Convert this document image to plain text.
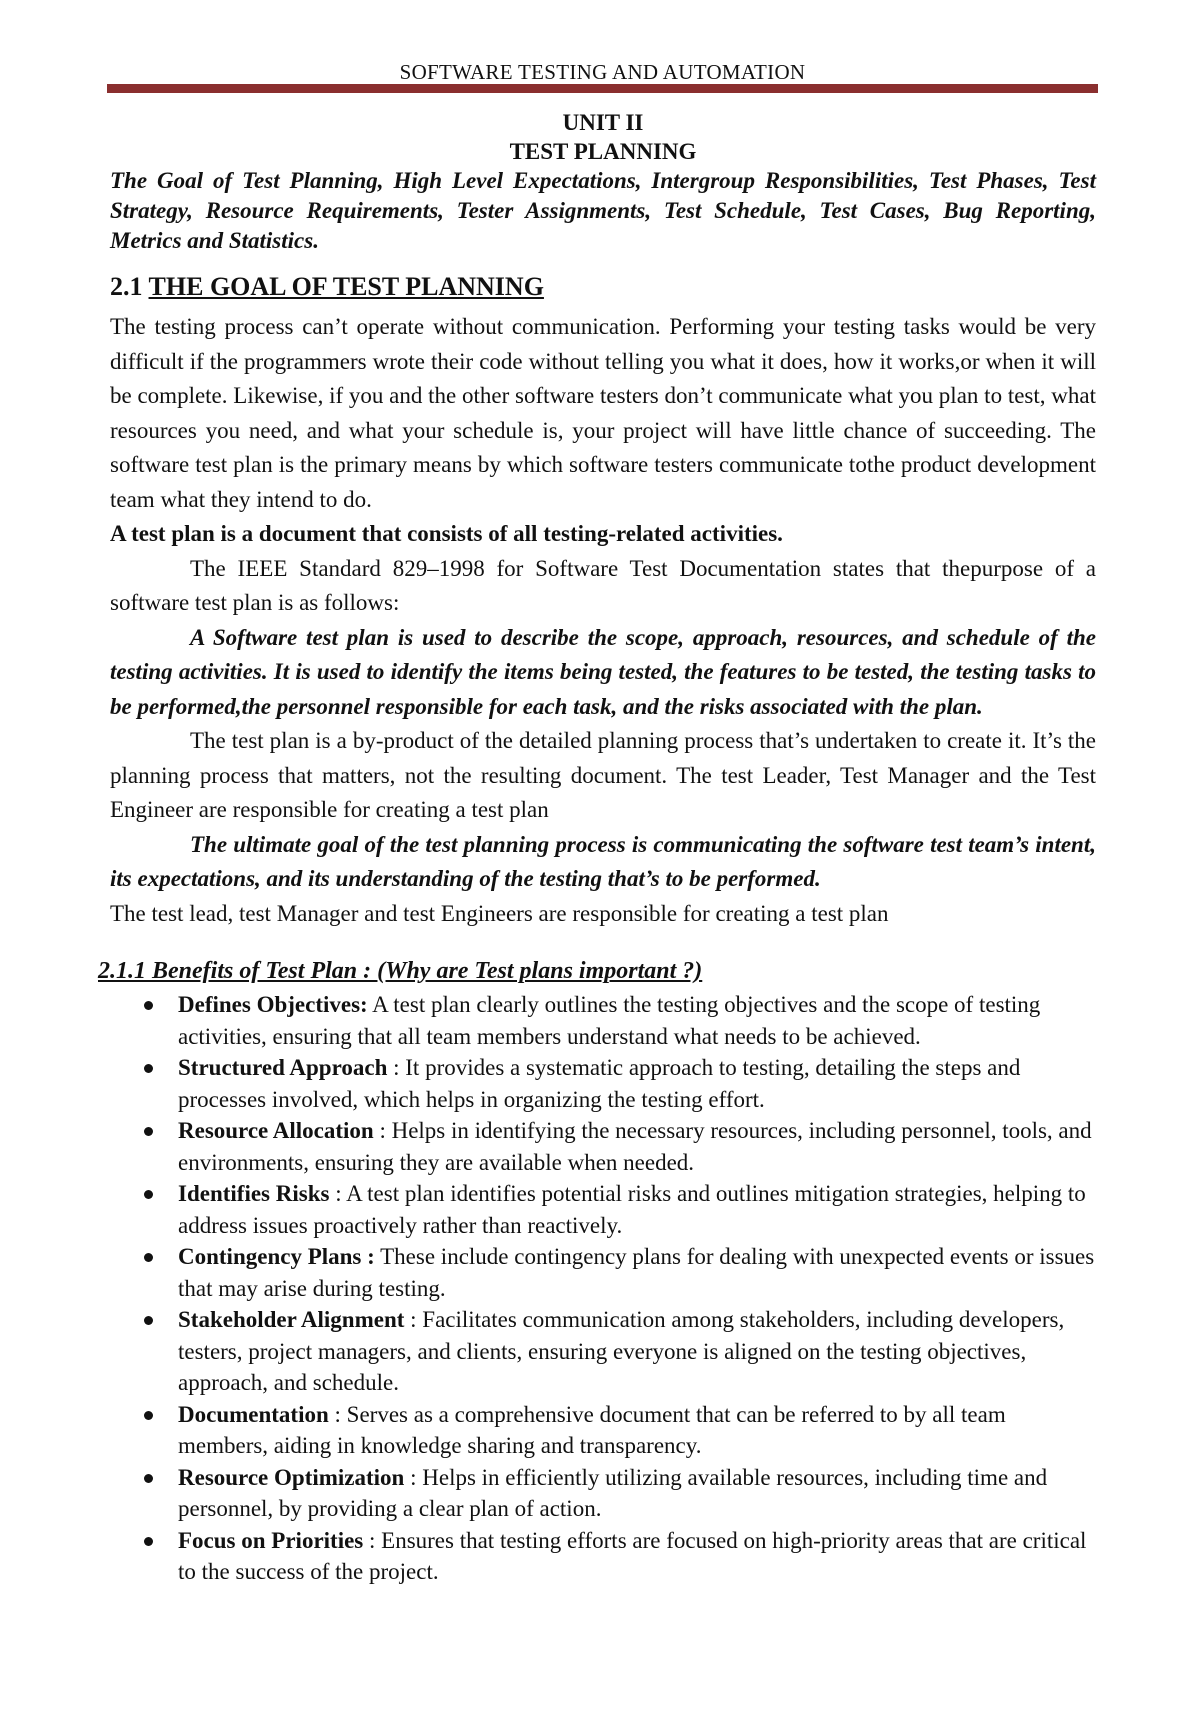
SOFTWARE TESTING AND AUTOMATION
UNIT II
TEST PLANNING

The Goal of Test Planning, High Level Expectations, Intergroup Responsibilities, Test Phases, Test Strategy, Resource Requirements, Tester Assignments, Test Schedule, Test Cases, Bug Reporting, Metrics and Statistics.

2.1 THE GOAL OF TEST PLANNING

The testing process can’t operate without communication. Performing your testing tasks would be very difficult if the programmers wrote their code without telling you what it does, how it works,or when it will be complete. Likewise, if you and the other software testers don’t communicate what you plan to test, what resources you need, and what your schedule is, your project will have little chance of succeeding. The software test plan is the primary means by which software testers communicate tothe product development team what they intend to do.
A test plan is a document that consists of all testing-related activities.

The IEEE Standard 829–1998 for Software Test Documentation states that thepurpose of a software test plan is as follows:

A Software test plan is used to describe the scope, approach, resources, and schedule of the testing activities. It is used to identify the items being tested, the features to be tested, the testing tasks to be performed,the personnel responsible for each task, and the risks associated with the plan.

The test plan is a by-product of the detailed planning process that’s undertaken to create it. It’s the planning process that matters, not the resulting document. The test Leader, Test Manager and the Test Engineer are responsible for creating a test plan

The ultimate goal of the test planning process is communicating the software test team’s intent, its expectations, and its understanding of the testing that’s to be performed.

The test lead, test Manager and test Engineers are responsible for creating a test plan

2.1.1 Benefits of Test Plan : (Why are Test plans important ?)
Defines Objectives: A test plan clearly outlines the testing objectives and the scope of testing activities, ensuring that all team members understand what needs to be achieved.
Structured Approach : It provides a systematic approach to testing, detailing the steps and processes involved, which helps in organizing the testing effort.
Resource Allocation : Helps in identifying the necessary resources, including personnel, tools, and environments, ensuring they are available when needed.
Identifies Risks : A test plan identifies potential risks and outlines mitigation strategies, helping to address issues proactively rather than reactively.
Contingency Plans : These include contingency plans for dealing with unexpected events or issues that may arise during testing.
Stakeholder Alignment : Facilitates communication among stakeholders, including developers, testers, project managers, and clients, ensuring everyone is aligned on the testing objectives, approach, and schedule.
Documentation : Serves as a comprehensive document that can be referred to by all team members, aiding in knowledge sharing and transparency.
Resource Optimization : Helps in efficiently utilizing available resources, including time and personnel, by providing a clear plan of action.
Focus on Priorities : Ensures that testing efforts are focused on high-priority areas that are critical to the success of the project.
